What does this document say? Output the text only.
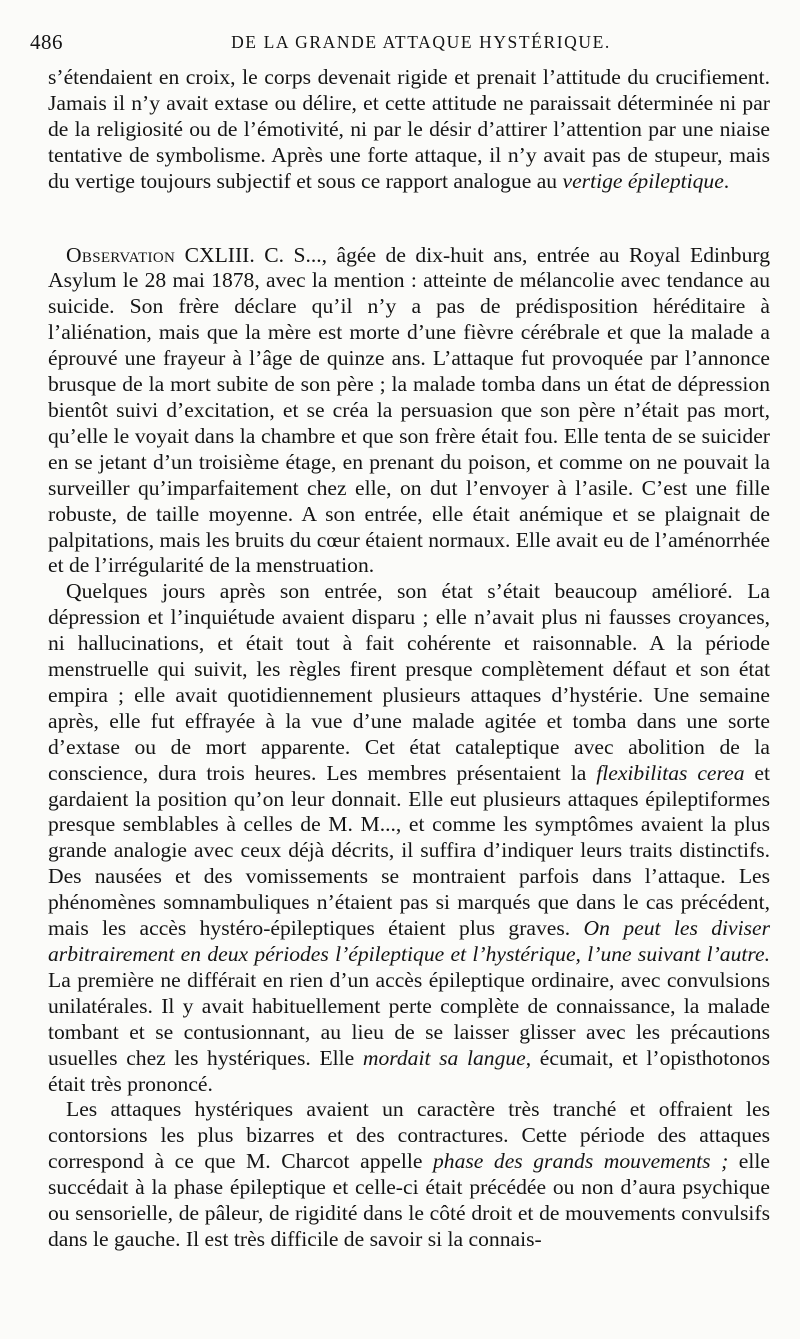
486	DE LA GRANDE ATTAQUE HYSTÉRIQUE.

s’étendaient en croix, le corps devenait rigide et prenait l’attitude du crucifiement. Jamais il n’y avait extase ou délire, et cette attitude ne paraissait déterminée ni par de la religiosité ou de l’émotivité, ni par le désir d’attirer l’attention par une niaise tentative de symbolisme. Après une forte attaque, il n’y avait pas de stupeur, mais du vertige toujours subjectif et sous ce rapport analogue au vertige épileptique.

Observation CXLIII. C. S..., âgée de dix-huit ans, entrée au Royal Edinburg Asylum le 28 mai 1878, avec la mention : atteinte de mélancolie avec tendance au suicide. Son frère déclare qu’il n’y a pas de prédisposition héréditaire à l’aliénation, mais que la mère est morte d’une fièvre cérébrale et que la malade a éprouvé une frayeur à l’âge de quinze ans. L’attaque fut provoquée par l’annonce brusque de la mort subite de son père ; la malade tomba dans un état de dépression bientôt suivi d’excitation, et se créa la persuasion que son père n’était pas mort, qu’elle le voyait dans la chambre et que son frère était fou. Elle tenta de se suicider en se jetant d’un troisième étage, en prenant du poison, et comme on ne pouvait la surveiller qu’imparfaitement chez elle, on dut l’envoyer à l’asile. C’est une fille robuste, de taille moyenne. A son entrée, elle était anémique et se plaignait de palpitations, mais les bruits du cœur étaient normaux. Elle avait eu de l’aménorrhée et de l’irrégularité de la menstruation.

Quelques jours après son entrée, son état s’était beaucoup amélioré. La dépression et l’inquiétude avaient disparu ; elle n’avait plus ni fausses croyances, ni hallucinations, et était tout à fait cohérente et raisonnable. A la période menstruelle qui suivit, les règles firent presque complètement défaut et son état empira ; elle avait quotidiennement plusieurs attaques d’hystérie. Une semaine après, elle fut effrayée à la vue d’une malade agitée et tomba dans une sorte d’extase ou de mort apparente. Cet état cataleptique avec abolition de la conscience, dura trois heures. Les membres présentaient la flexibilitas cerea et gardaient la position qu’on leur donnait. Elle eut plusieurs attaques épileptiformes presque semblables à celles de M. M..., et comme les symptômes avaient la plus grande analogie avec ceux déjà décrits, il suffira d’indiquer leurs traits distinctifs. Des nausées et des vomissements se montraient parfois dans l’attaque. Les phénomènes somnambuliques n’étaient pas si marqués que dans le cas précédent, mais les accès hystéro-épileptiques étaient plus graves. On peut les diviser arbitrairement en deux périodes l’épileptique et l’hystérique, l’une suivant l’autre. La première ne différait en rien d’un accès épileptique ordinaire, avec convulsions unilatérales. Il y avait habituellement perte complète de connaissance, la malade tombant et se contusionnant, au lieu de se laisser glisser avec les précautions usuelles chez les hystériques. Elle mordait sa langue, écumait, et l’opisthotonos était très prononcé.

Les attaques hystériques avaient un caractère très tranché et offraient les contorsions les plus bizarres et des contractures. Cette période des attaques correspond à ce que M. Charcot appelle phase des grands mouvements ; elle succédait à la phase épileptique et celle-ci était précédée ou non d’aura psychique ou sensorielle, de pâleur, de rigidité dans le côté droit et de mouvements convulsifs dans le gauche. Il est très difficile de savoir si la connais-
